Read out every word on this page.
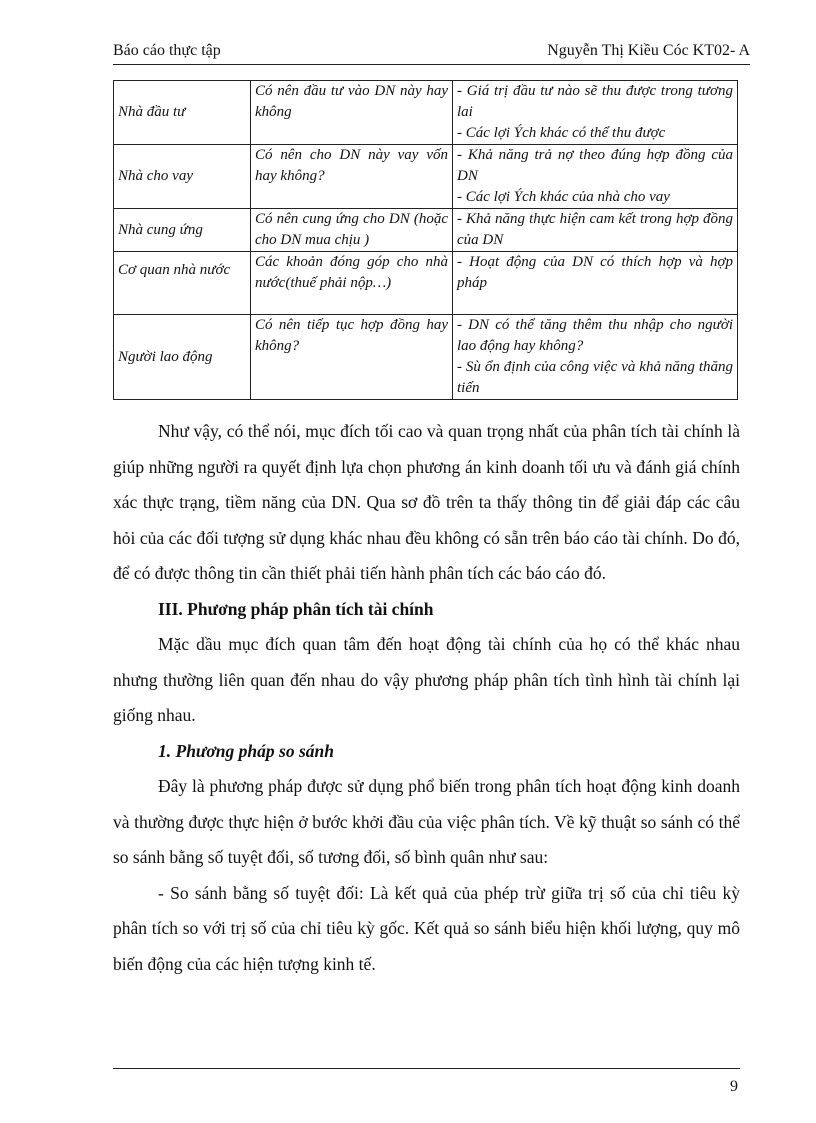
Báo cáo thực tập	Nguyễn Thị Kiều Cóc KT02- A
Nhà đầu tư	Có nên đầu tư vào DN này hay không	- Giá trị đầu tư nào sẽ thu được trong tương lai
- Các lợi Ých khác có thể thu được

Nhà cho vay	Có nên cho DN này vay vốn hay không?	- Khả năng trả nợ theo đúng hợp đồng của DN
- Các lợi Ých khác của nhà cho vay

Nhà cung ứng	Có nên cung ứng cho DN (hoặc cho DN mua chịu )	- Khả năng thực hiện cam kết trong hợp đồng của DN

Cơ quan nhà nước	Các khoản đóng góp cho nhà nước(thuế phải nộp…)	- Hoạt động của DN có thích hợp và hợp pháp

Người lao động	Có nên tiếp tục hợp đồng hay không?	- DN có thể tăng thêm thu nhập cho người lao động hay không?
- Sù ổn định của công việc và khả năng thăng tiến

Như vậy, có thể nói, mục đích tối cao và quan trọng nhất của phân tích tài chính là giúp những người ra quyết định lựa chọn phương án kinh doanh tối ưu và đánh giá chính xác thực trạng, tiềm năng của DN. Qua sơ đồ trên ta thấy thông tin để giải đáp các câu hỏi của các đối tượng sử dụng khác nhau đều không có sẵn trên báo cáo tài chính. Do đó, để có được thông tin cần thiết phải tiến hành phân tích các báo cáo đó.

III. Phương pháp phân tích tài chính

Mặc dầu mục đích quan tâm đến hoạt động tài chính của họ có thể khác nhau nhưng thường liên quan đến nhau do vậy phương pháp phân tích tình hình tài chính lại giống nhau.

1. Phương pháp so sánh

Đây là phương pháp được sử dụng phổ biến trong phân tích hoạt động kinh doanh và thường được thực hiện ở bước khởi đầu của việc phân tích. Về kỹ thuật so sánh có thể so sánh bằng số tuyệt đối, số tương đối, số bình quân như sau:

- So sánh bằng số tuyệt đối: Là kết quả của phép trừ giữa trị số của chỉ tiêu kỳ phân tích so với trị số của chỉ tiêu kỳ gốc. Kết quả so sánh biểu hiện khối lượng, quy mô biến động của các hiện tượng kinh tế.

9
